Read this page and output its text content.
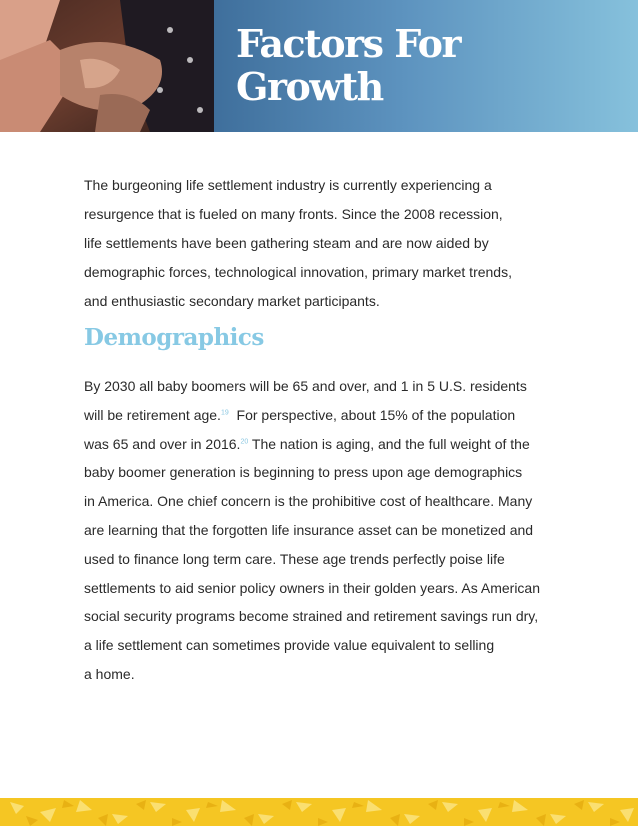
Factors For
Growth

The burgeoning life settlement industry is currently experiencing a
resurgence that is fueled on many fronts. Since the 2008 recession,
life settlements have been gathering steam and are now aided by
demographic forces, technological innovation, primary market trends,
and enthusiastic secondary market participants.

Demographics

By 2030 all baby boomers will be 65 and over, and 1 in 5 U.S. residents
will be retirement age.$^{19}$  For perspective, about 15% of the population
was 65 and over in 2016.20 The nation is aging, and the full weight of the
baby boomer generation is beginning to press upon age demographics
in America. One chief concern is the prohibitive cost of healthcare. Many
are learning that the forgotten life insurance asset can be monetized and
used to finance long term care. These age trends perfectly poise life
settlements to aid senior policy owners in their golden years. As American
social security programs become strained and retirement savings run dry,
a life settlement can sometimes provide value equivalent to selling
a home.
